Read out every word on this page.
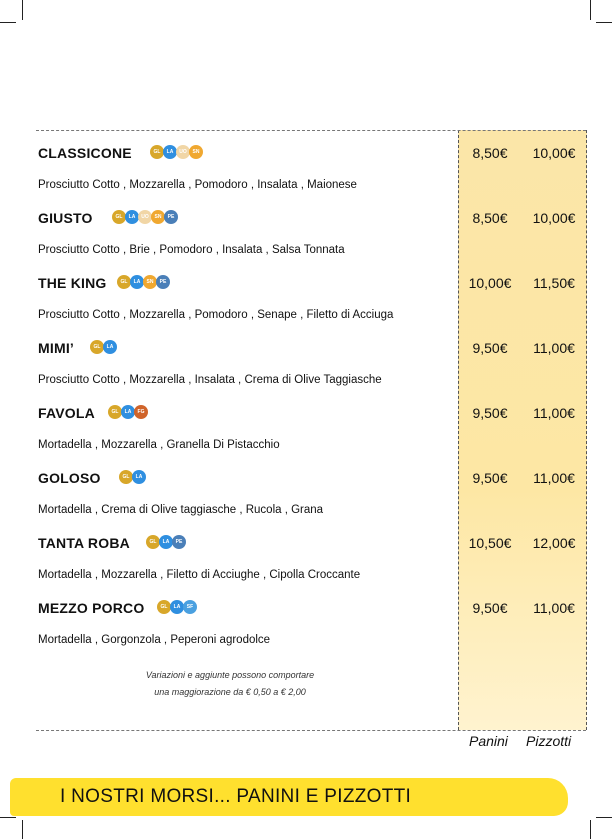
CLASSICONE	GL	LA	UO	SN
Prosciutto Cotto , Mozzarella , Pomodoro , Insalata , Maionese
8,50€	10,00€
GIUSTO	GL	LA	UO	SN	PE
Prosciutto Cotto , Brie , Pomodoro , Insalata , Salsa Tonnata
8,50€	10,00€
THE KING	GL	LA	SN	PE
Prosciutto Cotto , Mozzarella , Pomodoro , Senape , Filetto di Acciuga
10,00€	11,50€
MIMI’	GL	LA
Prosciutto Cotto , Mozzarella , Insalata , Crema di Olive Taggiasche
9,50€	11,00€
FAVOLA	GL	LA	FG
Mortadella , Mozzarella , Granella Di Pistacchio
9,50€	11,00€
GOLOSO	GL	LA
Mortadella , Crema di Olive taggiasche , Rucola , Grana
9,50€	11,00€
TANTA ROBA	GL	LA	PE
Mortadella , Mozzarella , Filetto di Acciughe , Cipolla Croccante
10,50€	12,00€
MEZZO PORCO	GL	LA	SF
Mortadella , Gorgonzola , Peperoni agrodolce
9,50€	11,00€
Variazioni e aggiunte possono comportare
una maggiorazione da € 0,50 a € 2,00
Panini Pizzotti
I NOSTRI MORSI... PANINI E PIZZOTTI
